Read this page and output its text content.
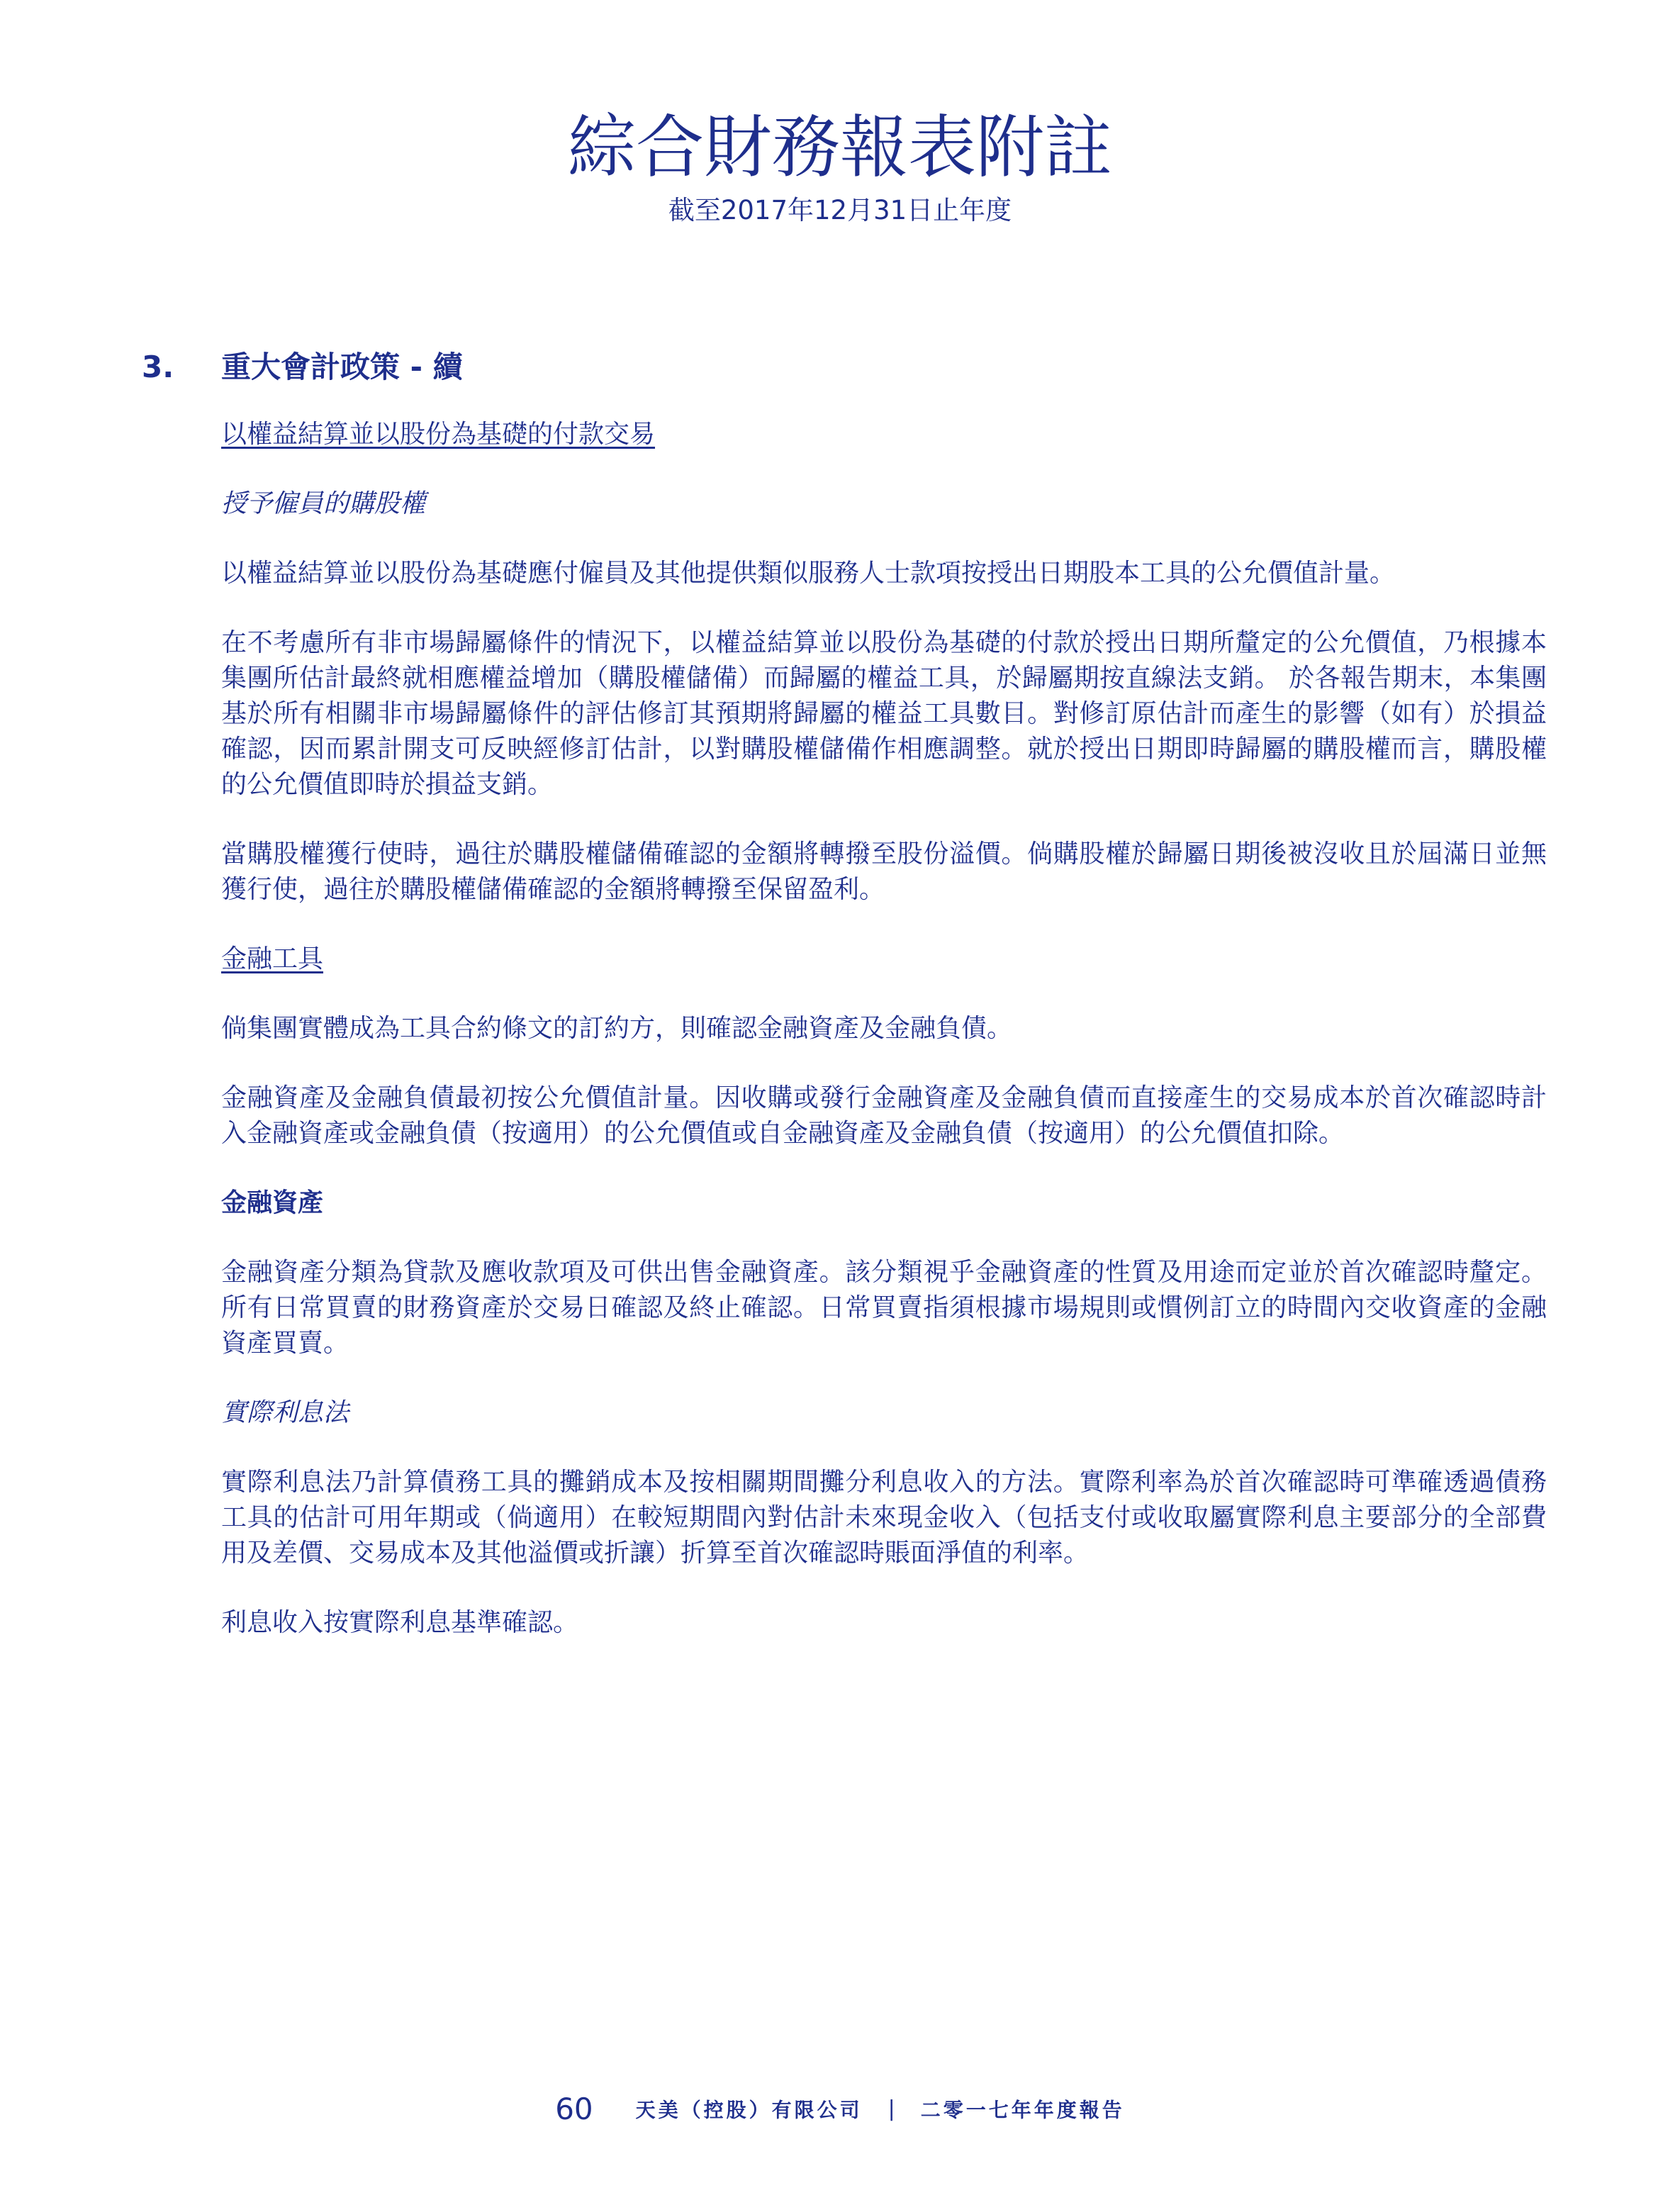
綜合財務報表附註
截至2017年12月31日止年度
3. 重大會計政策 - 續

以權益結算並以股份為基礎的付款交易

授予僱員的購股權

以權益結算並以股份為基礎應付僱員及其他提供類似服務人士款項按授出日期股本工具的公允價值計量。

在不考慮所有非市場歸屬條件的情況下，以權益結算並以股份為基礎的付款於授出日期所釐定的公允價值，乃根據本集團所估計最終就相應權益增加（購股權儲備）而歸屬的權益工具，於歸屬期按直線法支銷。 於各報告期末，本集團基於所有相關非市場歸屬條件的評估修訂其預期將歸屬的權益工具數目。對修訂原估計而產生的影響（如有）於損益確認，因而累計開支可反映經修訂估計，以對購股權儲備作相應調整。就於授出日期即時歸屬的購股權而言，購股權的公允價值即時於損益支銷。

當購股權獲行使時，過往於購股權儲備確認的金額將轉撥至股份溢價。倘購股權於歸屬日期後被沒收且於屆滿日並無獲行使，過往於購股權儲備確認的金額將轉撥至保留盈利。

金融工具

倘集團實體成為工具合約條文的訂約方，則確認金融資產及金融負債。

金融資產及金融負債最初按公允價值計量。因收購或發行金融資產及金融負債而直接產生的交易成本於首次確認時計入金融資產或金融負債（按適用）的公允價值或自金融資產及金融負債（按適用）的公允價值扣除。

金融資產

金融資產分類為貸款及應收款項及可供出售金融資產。該分類視乎金融資產的性質及用途而定並於首次確認時釐定。所有日常買賣的財務資產於交易日確認及終止確認。日常買賣指須根據市場規則或慣例訂立的時間內交收資產的金融資產買賣。

實際利息法

實際利息法乃計算債務工具的攤銷成本及按相關期間攤分利息收入的方法。實際利率為於首次確認時可準確透過債務工具的估計可用年期或（倘適用）在較短期間內對估計未來現金收入（包括支付或收取屬實際利息主要部分的全部費用及差價、交易成本及其他溢價或折讓）折算至首次確認時賬面淨值的利率。

利息收入按實際利息基準確認。

60 天美（控股）有限公司 | 二零一七年年度報告
